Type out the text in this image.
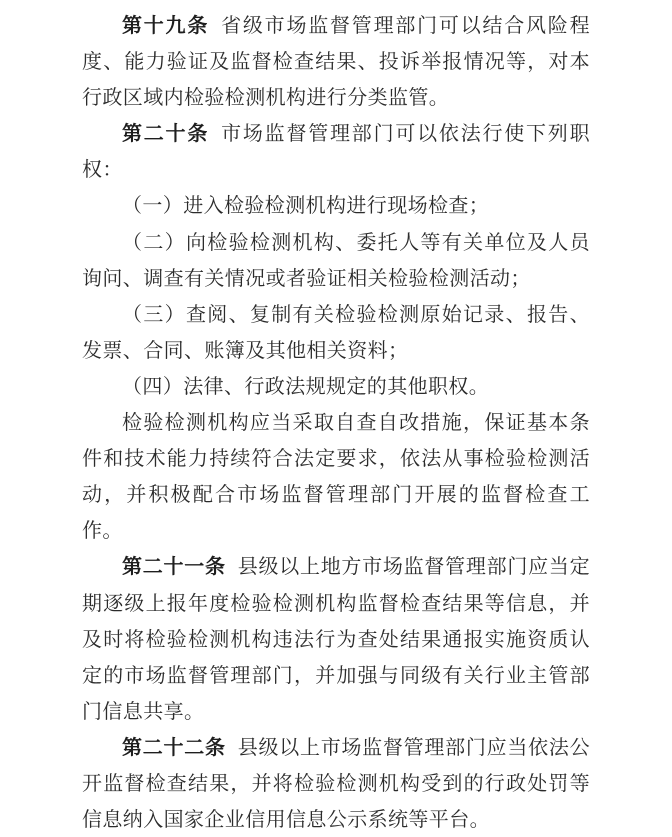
第十九条 省级市场监督管理部门可以结合风险程度、能力验证及监督检查结果、投诉举报情况等，对本行政区域内检验检测机构进行分类监管。

第二十条 市场监督管理部门可以依法行使下列职权：

（一）进入检验检测机构进行现场检查；

（二）向检验检测机构、委托人等有关单位及人员询问、调查有关情况或者验证相关检验检测活动；

（三）查阅、复制有关检验检测原始记录、报告、发票、合同、账簿及其他相关资料；

（四）法律、行政法规规定的其他职权。

检验检测机构应当采取自查自改措施，保证基本条件和技术能力持续符合法定要求，依法从事检验检测活动，并积极配合市场监督管理部门开展的监督检查工作。

第二十一条 县级以上地方市场监督管理部门应当定期逐级上报年度检验检测机构监督检查结果等信息，并及时将检验检测机构违法行为查处结果通报实施资质认定的市场监督管理部门，并加强与同级有关行业主管部门信息共享。

第二十二条 县级以上市场监督管理部门应当依法公开监督检查结果，并将检验检测机构受到的行政处罚等信息纳入国家企业信用信息公示系统等平台。
